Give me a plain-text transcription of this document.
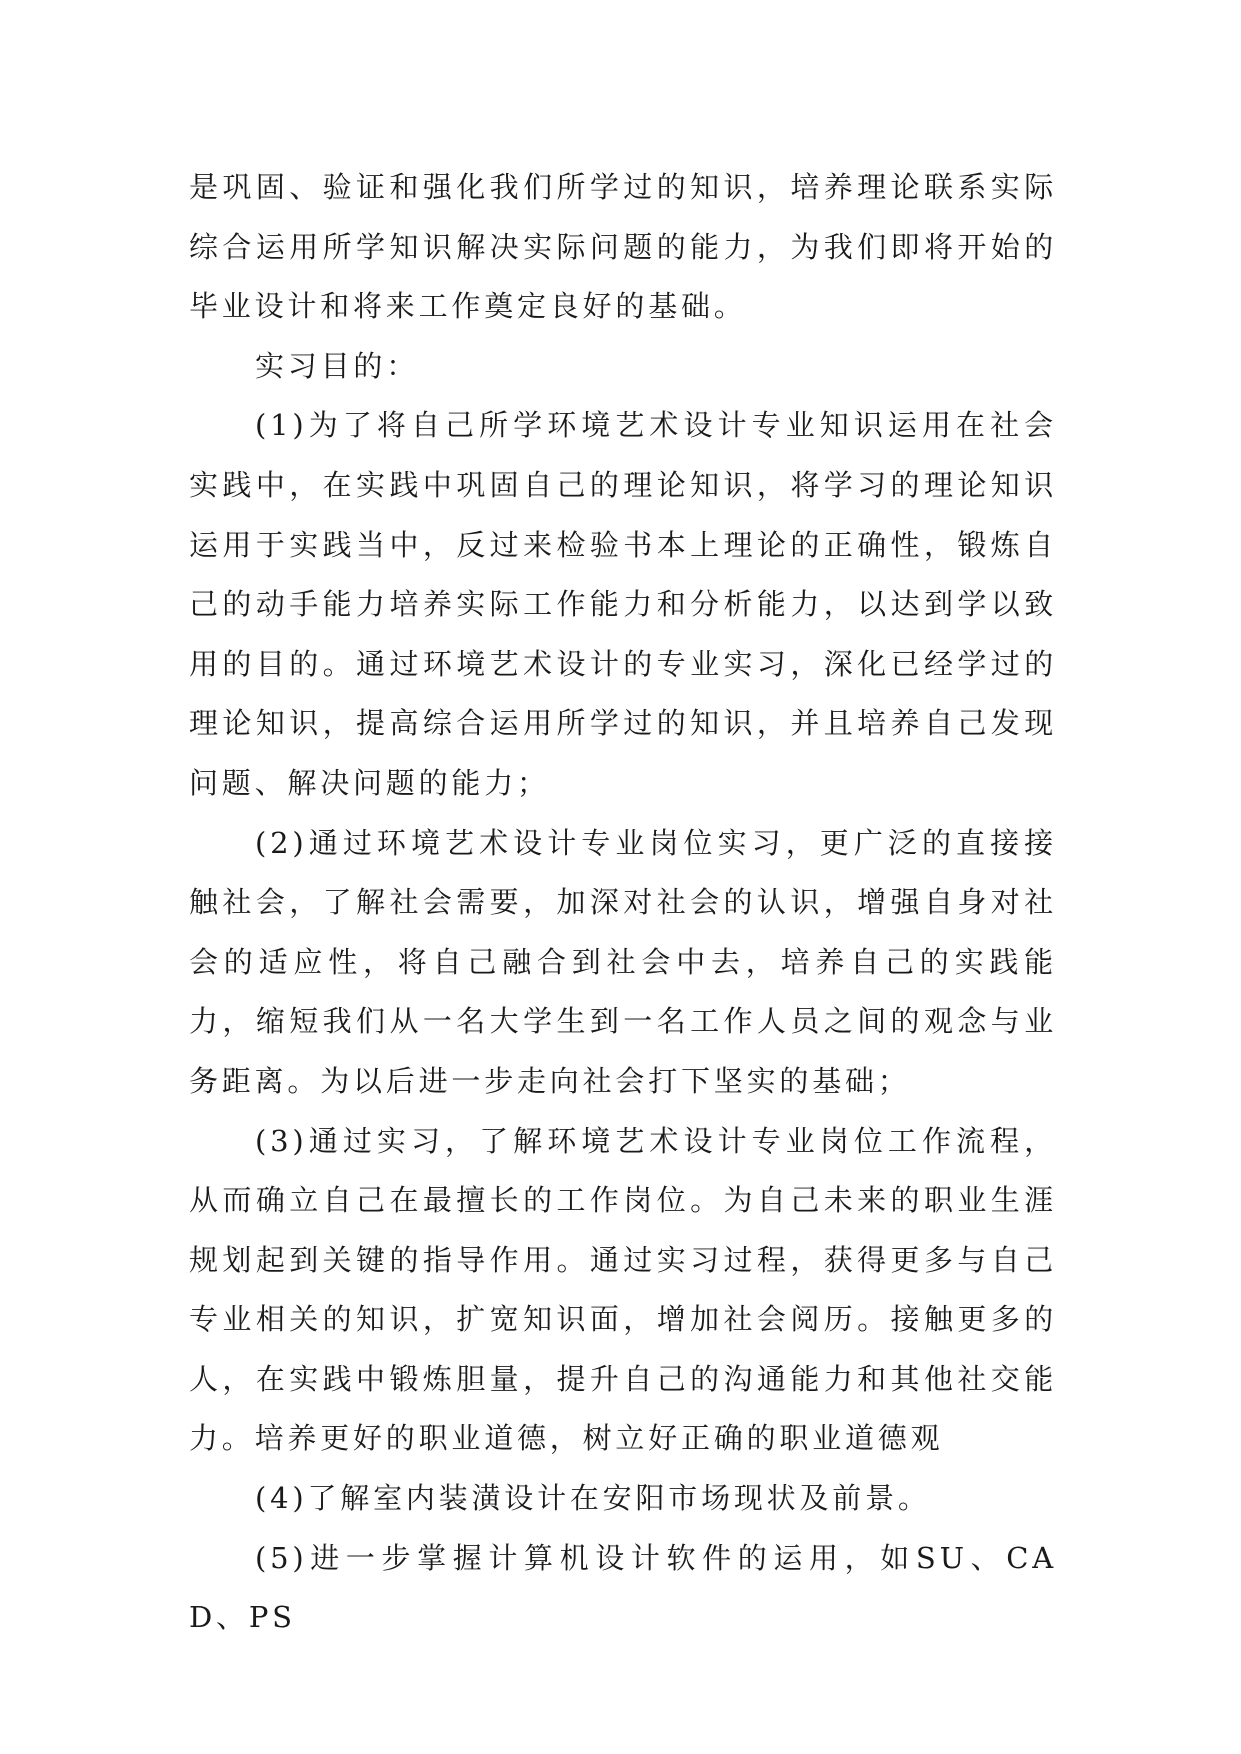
是巩固、验证和强化我们所学过的知识，培养理论联系实际综合运用所学知识解决实际问题的能力，为我们即将开始的毕业设计和将来工作奠定良好的基础。

实习目的：

(1)为了将自己所学环境艺术设计专业知识运用在社会实践中，在实践中巩固自己的理论知识，将学习的理论知识运用于实践当中，反过来检验书本上理论的正确性，锻炼自己的动手能力培养实际工作能力和分析能力，以达到学以致用的目的。通过环境艺术设计的专业实习，深化已经学过的理论知识，提高综合运用所学过的知识，并且培养自己发现问题、解决问题的能力；

(2)通过环境艺术设计专业岗位实习，更广泛的直接接触社会，了解社会需要，加深对社会的认识，增强自身对社会的适应性，将自己融合到社会中去，培养自己的实践能力，缩短我们从一名大学生到一名工作人员之间的观念与业务距离。为以后进一步走向社会打下坚实的基础；

(3)通过实习，了解环境艺术设计专业岗位工作流程，从而确立自己在最擅长的工作岗位。为自己未来的职业生涯规划起到关键的指导作用。通过实习过程，获得更多与自己专业相关的知识，扩宽知识面，增加社会阅历。接触更多的人，在实践中锻炼胆量，提升自己的沟通能力和其他社交能力。培养更好的职业道德，树立好正确的职业道德观

(4)了解室内装潢设计在安阳市场现状及前景。

(5)进一步掌握计算机设计软件的运用，如SU、CAD、PS
